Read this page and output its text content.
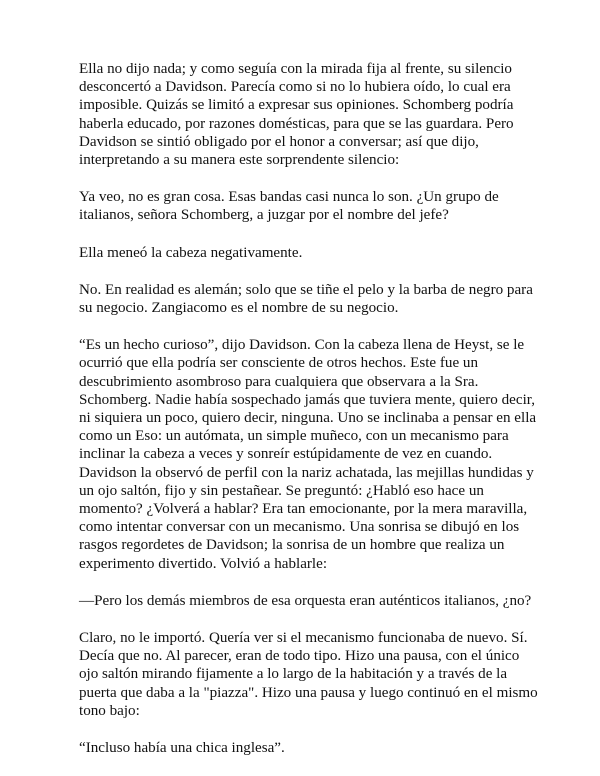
Ella no dijo nada; y como seguía con la mirada fija al frente, su silencio
desconcertó a Davidson. Parecía como si no lo hubiera oído, lo cual era
imposible. Quizás se limitó a expresar sus opiniones. Schomberg podría
haberla educado, por razones domésticas, para que se las guardara. Pero
Davidson se sintió obligado por el honor a conversar; así que dijo,
interpretando a su manera este sorprendente silencio:

Ya veo, no es gran cosa. Esas bandas casi nunca lo son. ¿Un grupo de
italianos, señora Schomberg, a juzgar por el nombre del jefe?

Ella meneó la cabeza negativamente.

No. En realidad es alemán; solo que se tiñe el pelo y la barba de negro para
su negocio. Zangiacomo es el nombre de su negocio.

“Es un hecho curioso”, dijo Davidson. Con la cabeza llena de Heyst, se le
ocurrió que ella podría ser consciente de otros hechos. Este fue un
descubrimiento asombroso para cualquiera que observara a la Sra.
Schomberg. Nadie había sospechado jamás que tuviera mente, quiero decir,
ni siquiera un poco, quiero decir, ninguna. Uno se inclinaba a pensar en ella
como un Eso: un autómata, un simple muñeco, con un mecanismo para
inclinar la cabeza a veces y sonreír estúpidamente de vez en cuando.
Davidson la observó de perfil con la nariz achatada, las mejillas hundidas y
un ojo saltón, fijo y sin pestañear. Se preguntó: ¿Habló eso hace un
momento? ¿Volverá a hablar? Era tan emocionante, por la mera maravilla,
como intentar conversar con un mecanismo. Una sonrisa se dibujó en los
rasgos regordetes de Davidson; la sonrisa de un hombre que realiza un
experimento divertido. Volvió a hablarle:

—Pero los demás miembros de esa orquesta eran auténticos italianos, ¿no?

Claro, no le importó. Quería ver si el mecanismo funcionaba de nuevo. Sí.
Decía que no. Al parecer, eran de todo tipo. Hizo una pausa, con el único
ojo saltón mirando fijamente a lo largo de la habitación y a través de la
puerta que daba a la "piazza". Hizo una pausa y luego continuó en el mismo
tono bajo:

“Incluso había una chica inglesa”.
